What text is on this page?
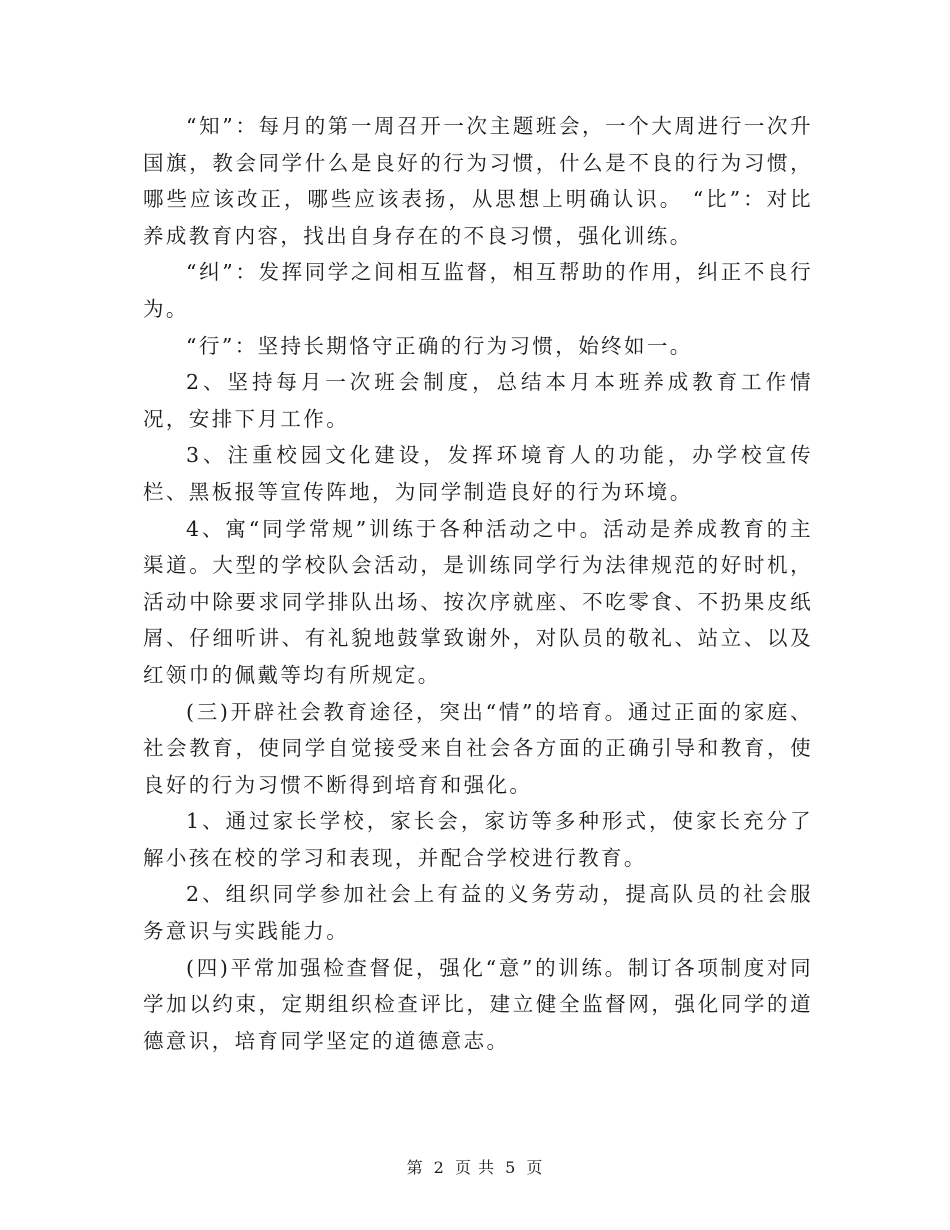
“知”：每月的第一周召开一次主题班会，一个大周进行一次升国旗，教会同学什么是良好的行为习惯，什么是不良的行为习惯，哪些应该改正，哪些应该表扬，从思想上明确认识。 “比”：对比养成教育内容，找出自身存在的不良习惯，强化训练。

“纠”：发挥同学之间相互监督，相互帮助的作用，纠正不良行为。

“行”：坚持长期恪守正确的行为习惯，始终如一。

2、坚持每月一次班会制度，总结本月本班养成教育工作情况，安排下月工作。

3、注重校园文化建设，发挥环境育人的功能，办学校宣传栏、黑板报等宣传阵地，为同学制造良好的行为环境。

4、寓“同学常规”训练于各种活动之中。活动是养成教育的主渠道。大型的学校队会活动，是训练同学行为法律规范的好时机，活动中除要求同学排队出场、按次序就座、不吃零食、不扔果皮纸屑、仔细听讲、有礼貌地鼓掌致谢外，对队员的敬礼、站立、以及红领巾的佩戴等均有所规定。

(三)开辟社会教育途径，突出“情”的培育。通过正面的家庭、社会教育，使同学自觉接受来自社会各方面的正确引导和教育，使良好的行为习惯不断得到培育和强化。

1、通过家长学校，家长会，家访等多种形式，使家长充分了解小孩在校的学习和表现，并配合学校进行教育。

2、组织同学参加社会上有益的义务劳动，提高队员的社会服务意识与实践能力。

(四)平常加强检查督促，强化“意”的训练。制订各项制度对同学加以约束，定期组织检查评比，建立健全监督网，强化同学的道德意识，培育同学坚定的道德意志。

第 2 页 共 5 页
